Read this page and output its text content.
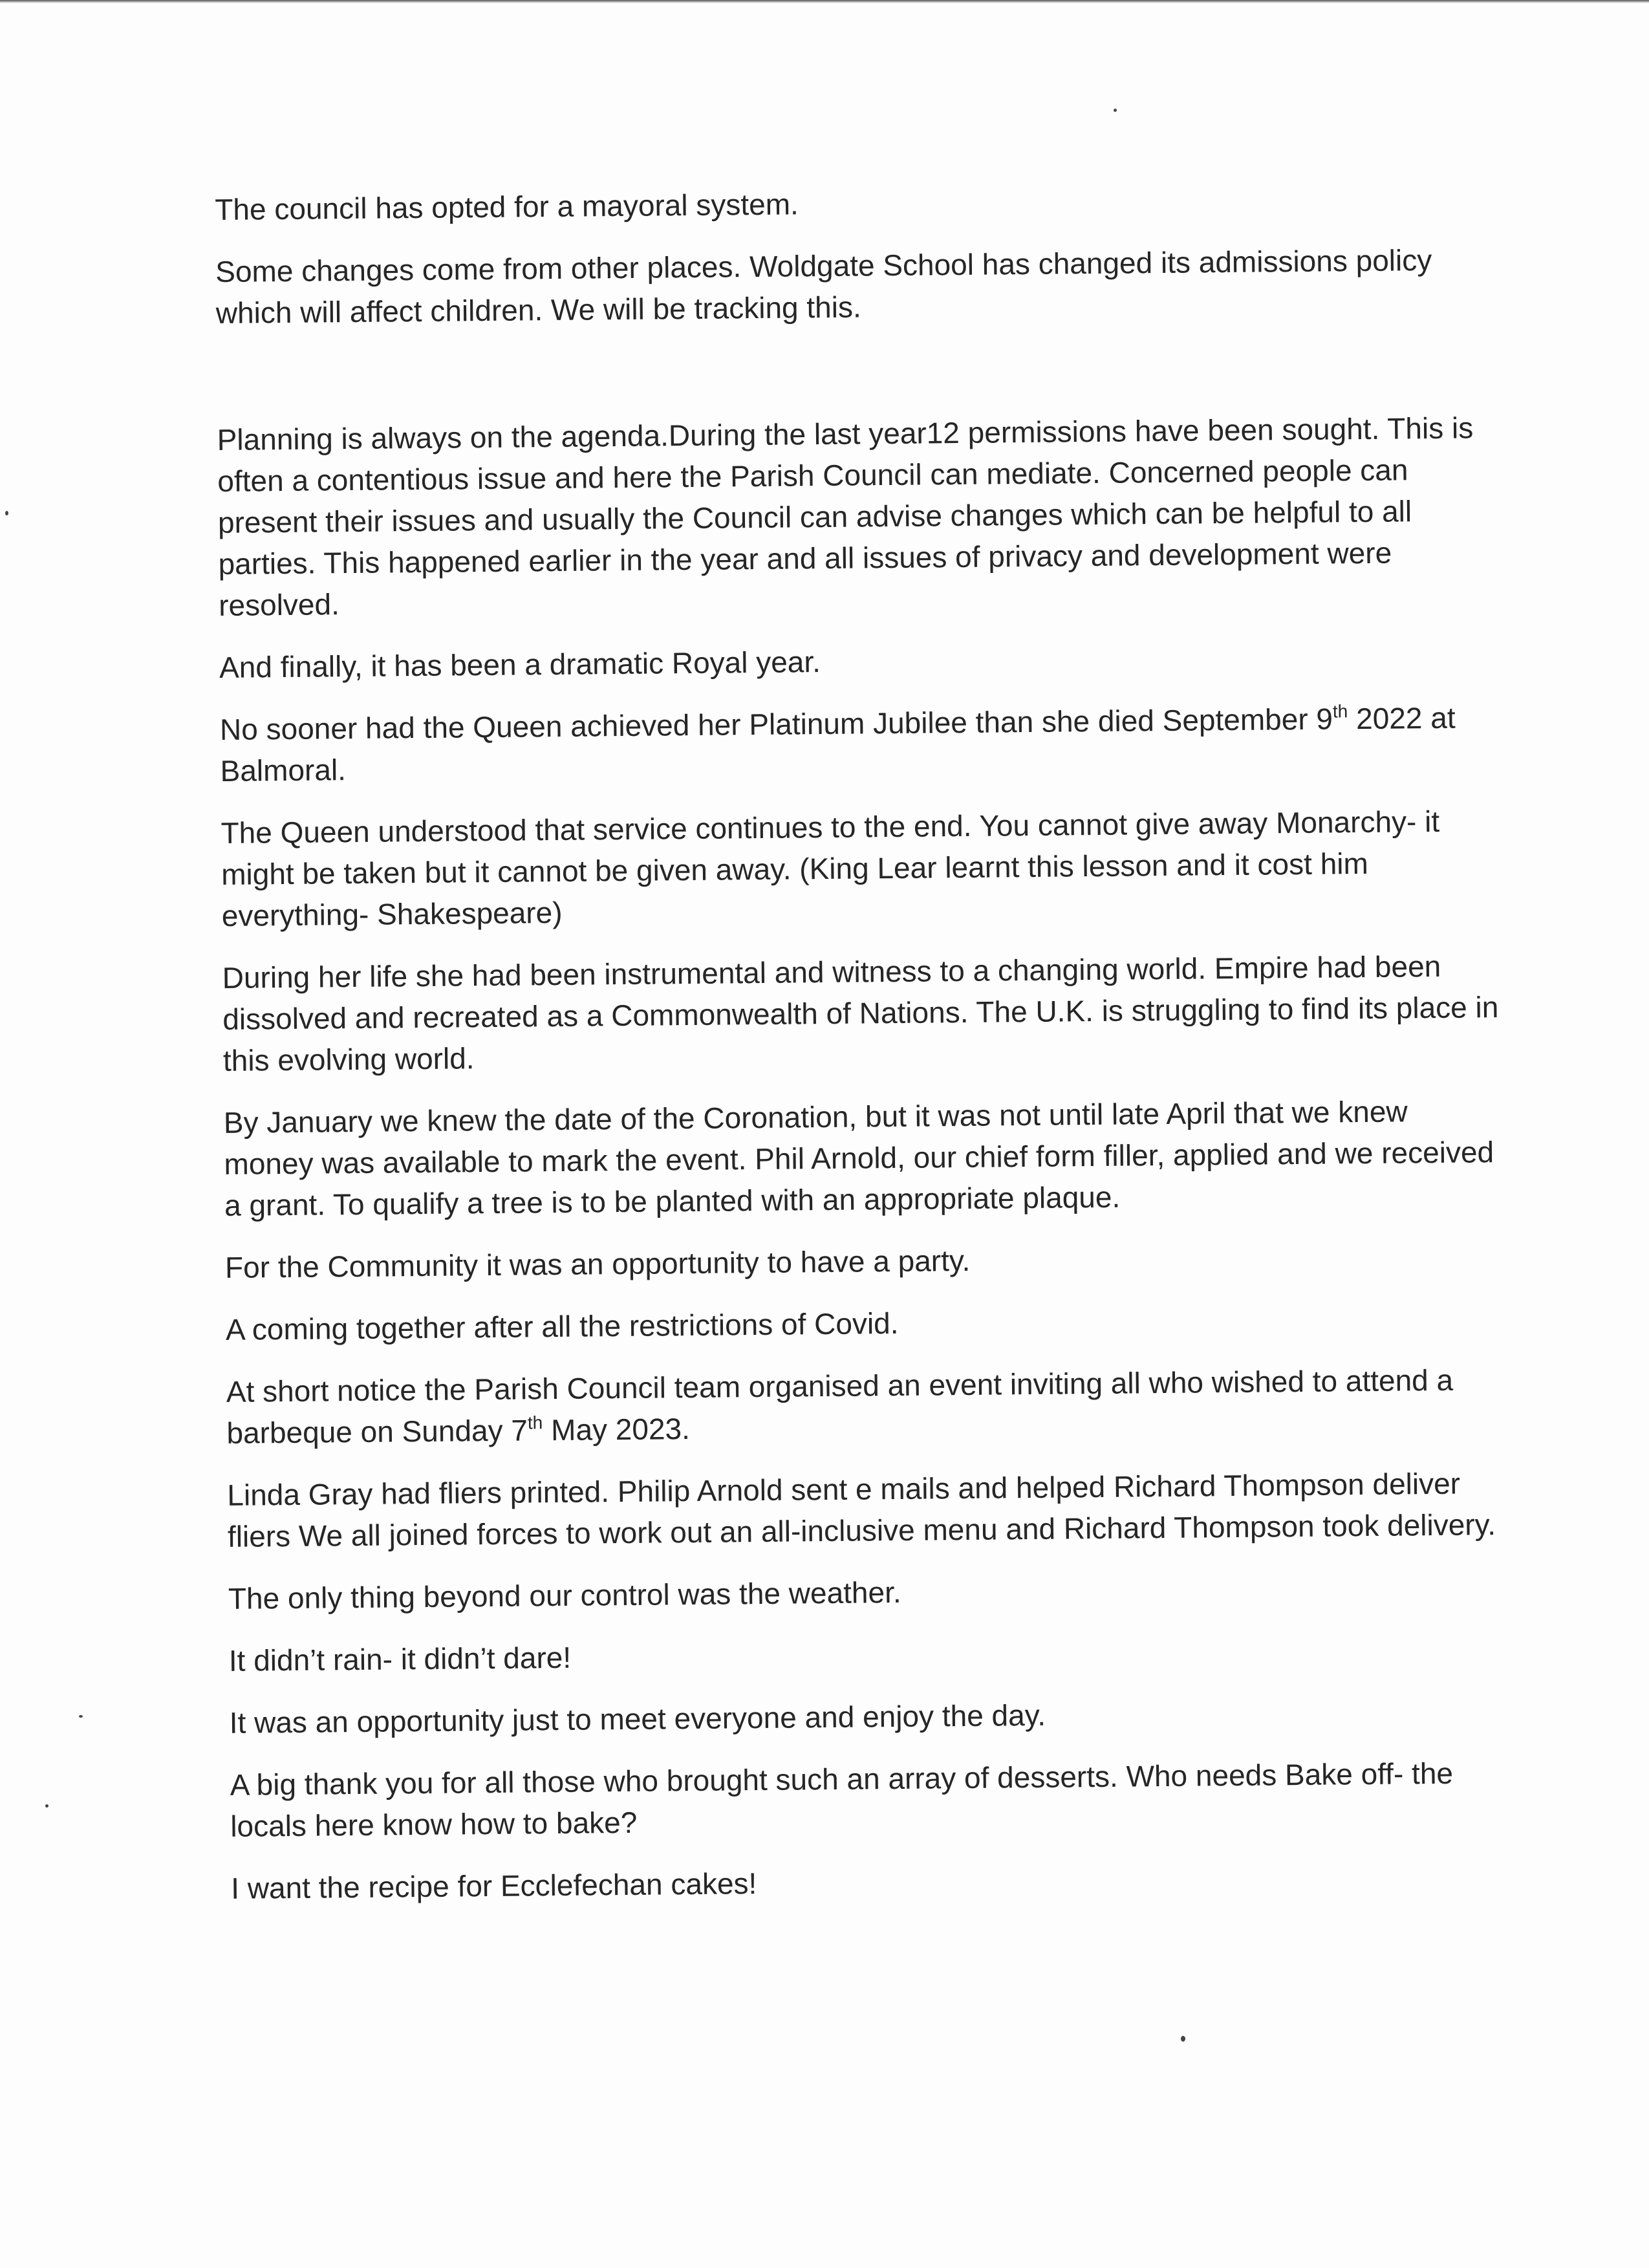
The council has opted for a mayoral system.

Some changes come from other places. Woldgate School has changed its admissions policy which will affect children. We will be tracking this.

Planning is always on the agenda.During the last year12 permissions have been sought. This is often a contentious issue and here the Parish Council can mediate. Concerned people can present their issues and usually the Council can advise changes which can be helpful to all parties. This happened earlier in the year and all issues of privacy and development were resolved.

And finally, it has been a dramatic Royal year.

No sooner had the Queen achieved her Platinum Jubilee than she died September 9th 2022 at Balmoral.

The Queen understood that service continues to the end. You cannot give away Monarchy- it might be taken but it cannot be given away. (King Lear learnt this lesson and it cost him everything- Shakespeare)

During her life she had been instrumental and witness to a changing world. Empire had been dissolved and recreated as a Commonwealth of Nations. The U.K. is struggling to find its place in this evolving world.

By January we knew the date of the Coronation, but it was not until late April that we knew money was available to mark the event. Phil Arnold, our chief form filler, applied and we received a grant. To qualify a tree is to be planted with an appropriate plaque.

For the Community it was an opportunity to have a party.

A coming together after all the restrictions of Covid.

At short notice the Parish Council team organised an event inviting all who wished to attend a barbeque on Sunday 7th May 2023.

Linda Gray had fliers printed. Philip Arnold sent e mails and helped Richard Thompson deliver fliers We all joined forces to work out an all-inclusive menu and Richard Thompson took delivery.

The only thing beyond our control was the weather.

It didn’t rain- it didn’t dare!

It was an opportunity just to meet everyone and enjoy the day.

A big thank you for all those who brought such an array of desserts. Who needs Bake off- the locals here know how to bake?

I want the recipe for Ecclefechan cakes!
